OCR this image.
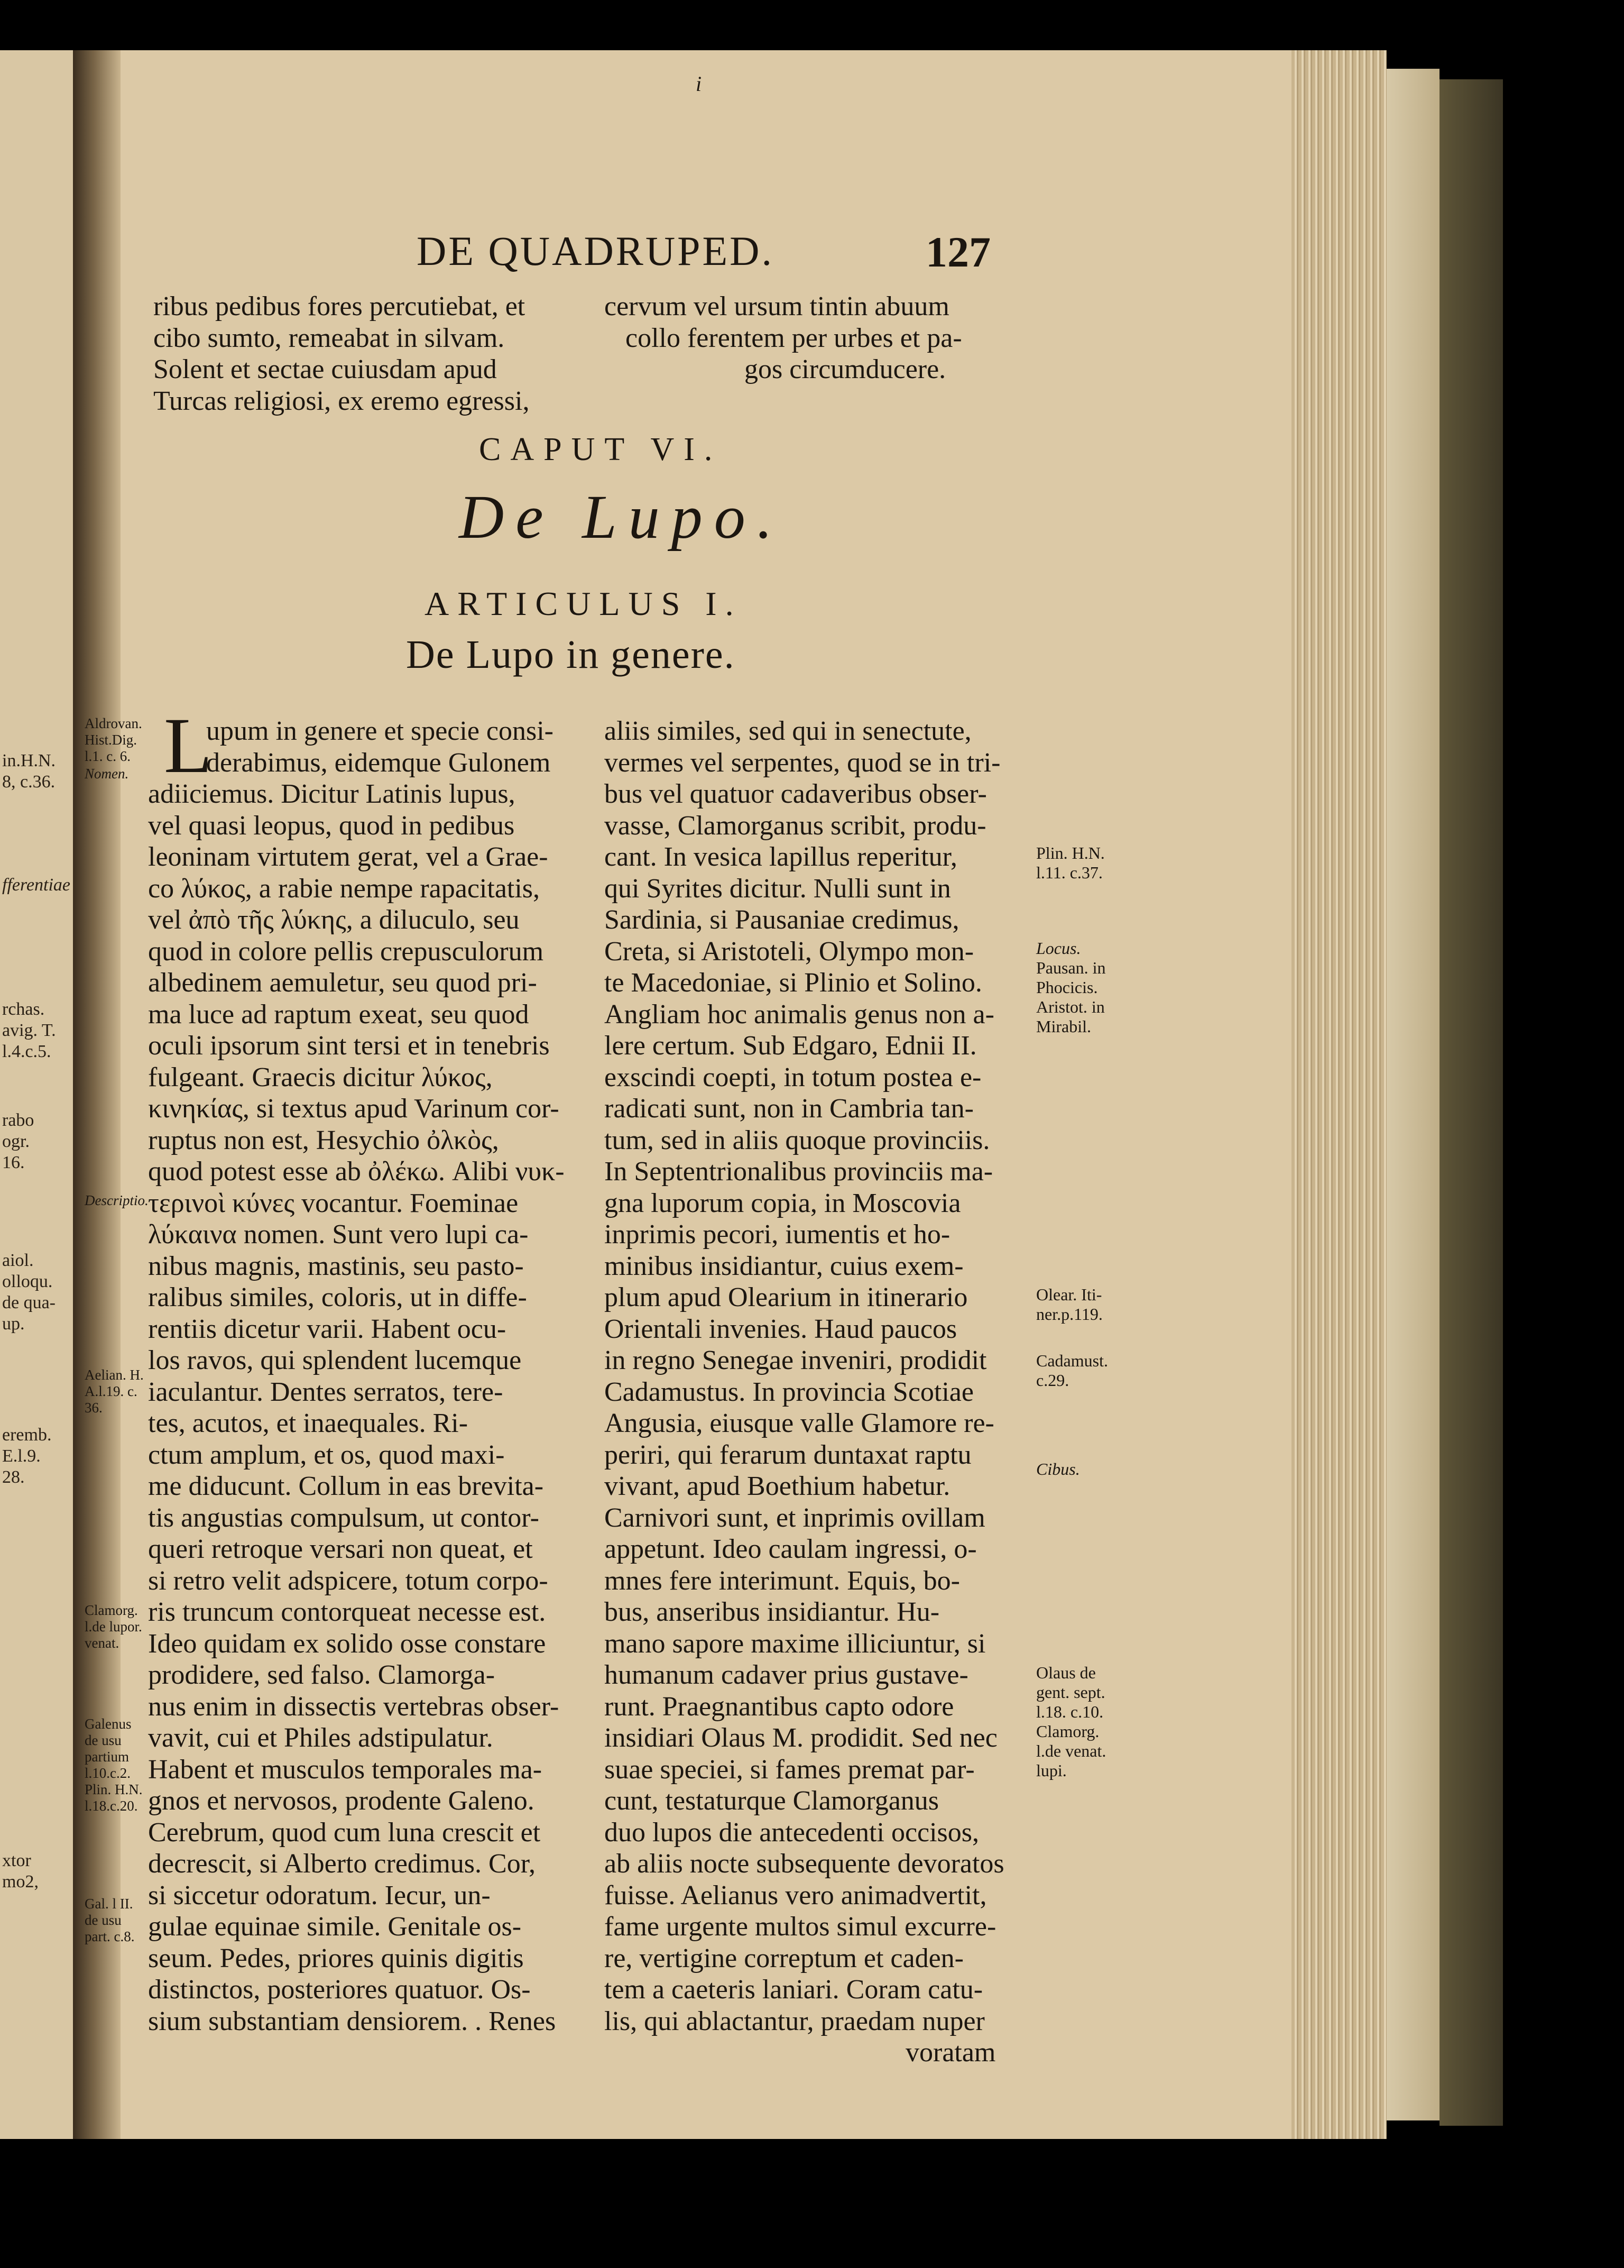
in.H.N.
8, c.36.
fferentiae
rchas.
avig. T.
l.4.c.5.
rabo
ogr.
16.
aiol.
olloqu.
de qua-
up.
eremb.
E.l.9.
28.
xtor
mo2,
i
DE QUADRUPED.	127
ribus pedibus fores percutiebat, et
cibo sumto, remeabat in silvam.
Solent et sectae cuiusdam apud
Turcas religiosi, ex eremo egressi,
cervum vel ursum tintin abuum
collo ferentem per urbes et pa-
gos circumducere.
CAPUT VI.
De Lupo.
ARTICULUS I.
De Lupo in genere.
L
upum in genere et specie consi-
derabimus, eidemque Gulonem
adiiciemus. Dicitur Latinis lupus,
vel quasi leopus, quod in pedibus
leoninam virtutem gerat, vel a Grae-
co λύκος, a rabie nempe rapacitatis,
vel ἀπὸ τῆς λύκης, a diluculo, seu
quod in colore pellis crepusculorum
albedinem aemuletur, seu quod pri-
ma luce ad raptum exeat, seu quod
oculi ipsorum sint tersi et in tenebris
fulgeant. Graecis dicitur λύκος,
κινηκίας, si textus apud Varinum cor-
ruptus non est, Hesychio ὀλκὸς,
quod potest esse ab ὀλέκω. Alibi νυκ-
τερινοὶ κύνες vocantur. Foeminae
λύκαινα nomen. Sunt vero lupi ca-
nibus magnis, mastinis, seu pasto-
ralibus similes, coloris, ut in diffe-
rentiis dicetur varii. Habent ocu-
los ravos, qui splendent lucemque
iaculantur. Dentes serratos, tere-
tes, acutos, et inaequales. Ri-
ctum amplum, et os, quod maxi-
me diducunt. Collum in eas brevita-
tis angustias compulsum, ut contor-
queri retroque versari non queat, et
si retro velit adspicere, totum corpo-
ris truncum contorqueat necesse est.
Ideo quidam ex solido osse constare
prodidere, sed falso. Clamorga-
nus enim in dissectis vertebras obser-
vavit, cui et Philes adstipulatur.
Habent et musculos temporales ma-
gnos et nervosos, prodente Galeno.
Cerebrum, quod cum luna crescit et
decrescit, si Alberto credimus. Cor,
si siccetur odoratum. Iecur, un-
gulae equinae simile. Genitale os-
seum. Pedes, priores quinis digitis
distinctos, posteriores quatuor. Os-
sium substantiam densiorem. . Renes
aliis similes, sed qui in senectute,
vermes vel serpentes, quod se in tri-
bus vel quatuor cadaveribus obser-
vasse, Clamorganus scribit, produ-
cant. In vesica lapillus reperitur,
qui Syrites dicitur. Nulli sunt in
Sardinia, si Pausaniae credimus,
Creta, si Aristoteli, Olympo mon-
te Macedoniae, si Plinio et Solino.
Angliam hoc animalis genus non a-
lere certum. Sub Edgaro, Ednii II.
exscindi coepti, in totum postea e-
radicati sunt, non in Cambria tan-
tum, sed in aliis quoque provinciis.
In Septentrionalibus provinciis ma-
gna luporum copia, in Moscovia
inprimis pecori, iumentis et ho-
minibus insidiantur, cuius exem-
plum apud Olearium in itinerario
Orientali invenies. Haud paucos
in regno Senegae inveniri, prodidit
Cadamustus. In provincia Scotiae
Angusia, eiusque valle Glamore re-
periri, qui ferarum duntaxat raptu
vivant, apud Boethium habetur.
Carnivori sunt, et inprimis ovillam
appetunt. Ideo caulam ingressi, o-
mnes fere interimunt. Equis, bo-
bus, anseribus insidiantur. Hu-
mano sapore maxime illiciuntur, si
humanum cadaver prius gustave-
runt. Praegnantibus capto odore
insidiari Olaus M. prodidit. Sed nec
suae speciei, si fames premat par-
cunt, testaturque Clamorganus
duo lupos die antecedenti occisos,
ab aliis nocte subsequente devoratos
fuisse. Aelianus vero animadvertit,
fame urgente multos simul excurre-
re, vertigine correptum et caden-
tem a caeteris laniari. Coram catu-
lis, qui ablactantur, praedam nuper
voratam
Aldrovan.
Hist.Dig.
l.1. c. 6.
Nomen.
Descriptio.
Aelian. H.
A.l.19. c.
36.
Clamorg.
l.de lupor.
venat.
Galenus
de usu
partium
l.10.c.2.
Plin. H.N.
l.18.c.20.
Gal. l II.
de usu
part. c.8.
Plin. H.N.
l.11. c.37.
Locus.
Pausan. in
Phocicis.
Aristot. in
Mirabil.
Olear. Iti-
ner.p.119.
Cadamust.
c.29.
Cibus.
Olaus de
gent. sept.
l.18. c.10.
Clamorg.
l.de venat.
lupi.
